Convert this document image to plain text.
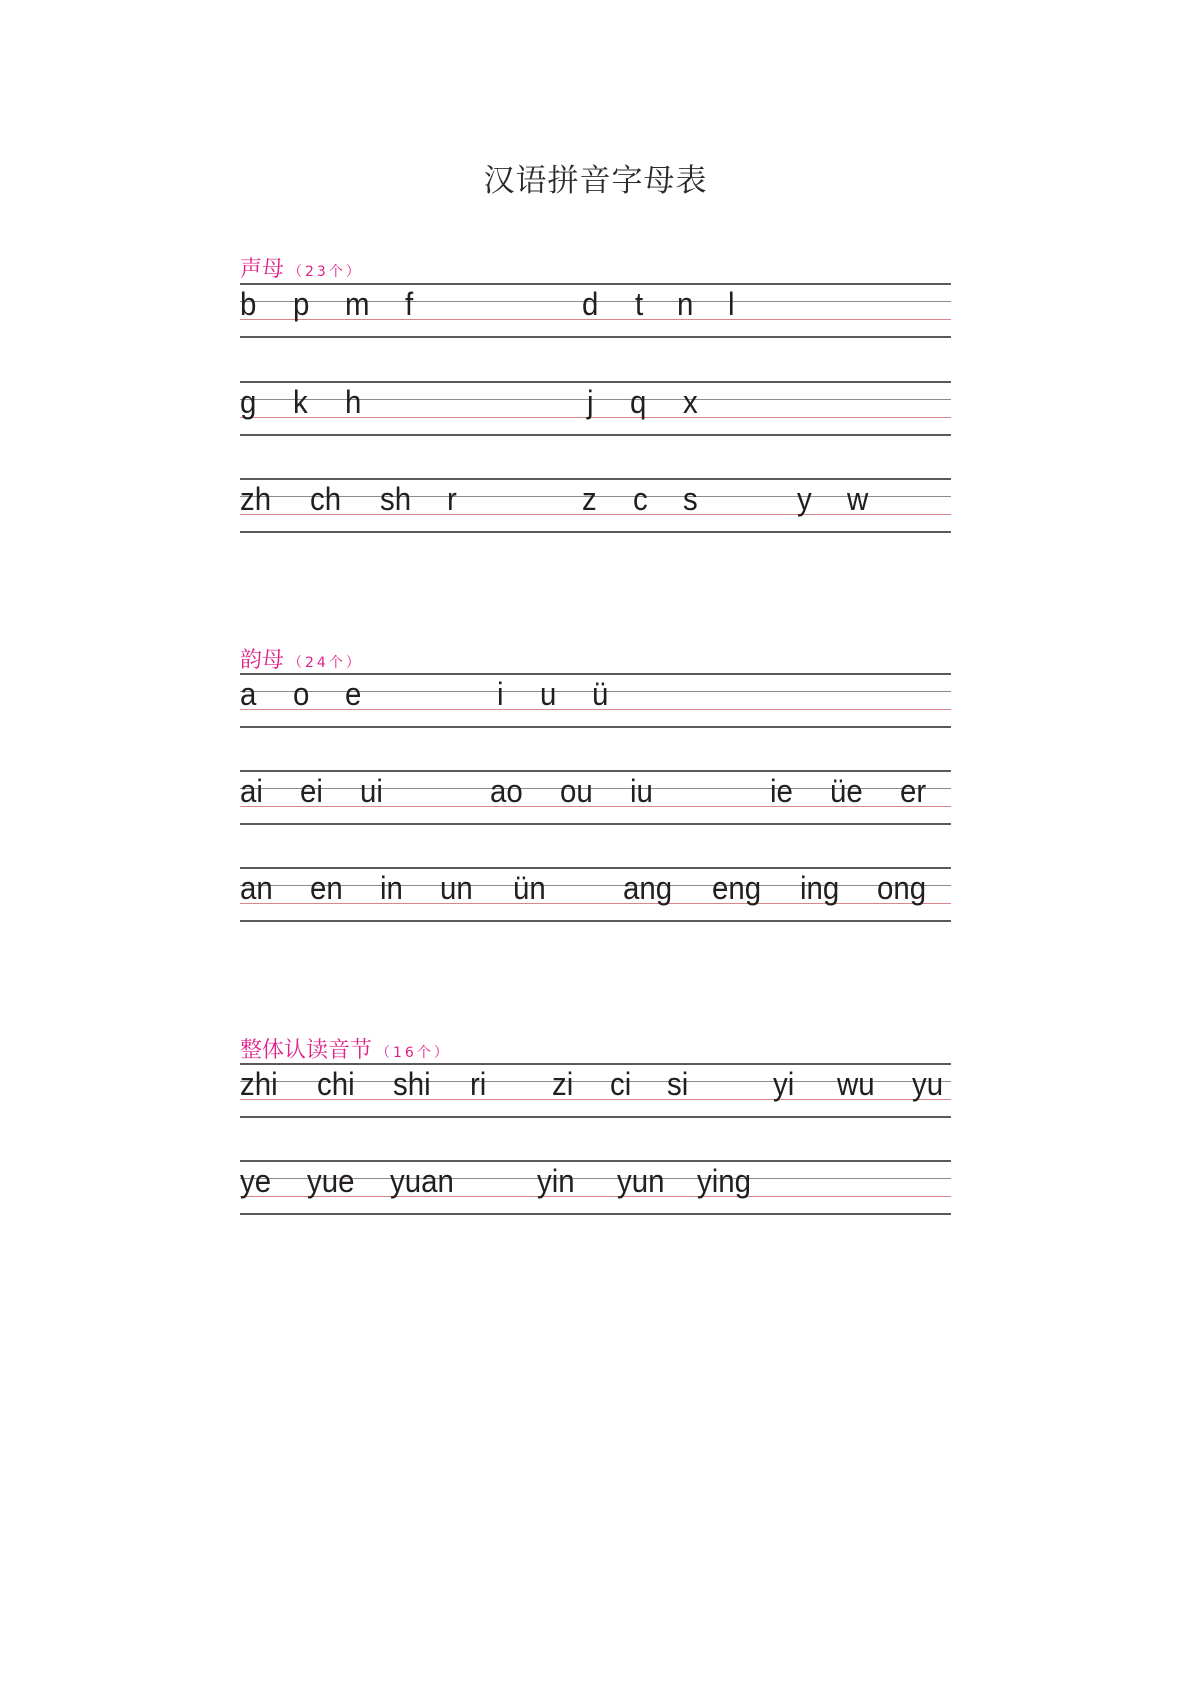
汉语拼音字母表
声母 （23个）
b p m f	d t n l
g k h	j q x
zh ch sh r	z c s	y w
韵母 （24个）
a o e	i u ü
ai ei ui	ao ou iu	ie üe er
an en in un ün ang eng ing ong
整体认读音节 （16个）
zhi chi shi ri zi ci si	yi wu yu
ye yue yuan	yin yun ying
